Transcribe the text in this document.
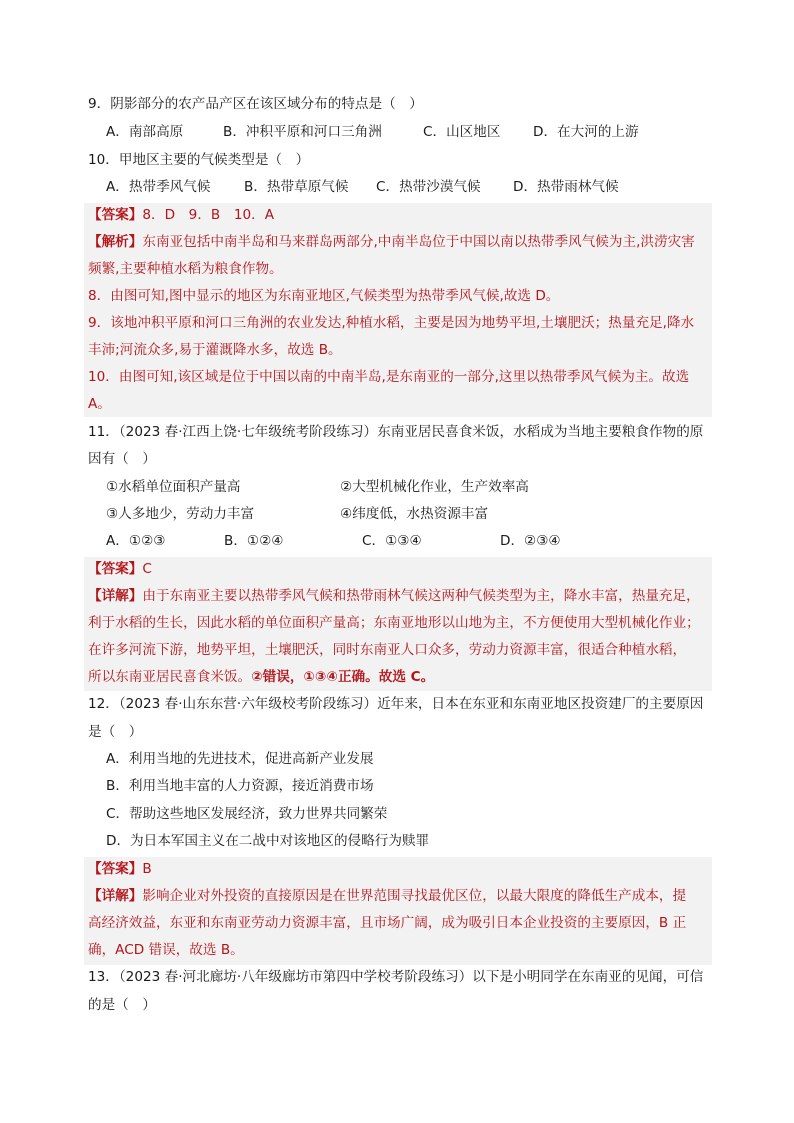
9．阴影部分的农产品产区在该区域分布的特点是（　）
A．南部高原	B．冲积平原和河口三角洲	C．山区地区 D．在大河的上游
10．甲地区主要的气候类型是（　）
A．热带季风气候 B．热带草原气候 C．热带沙漠气候 D．热带雨林气候
【答案】8．D　9．B　10．A
【解析】东南亚包括中南半岛和马来群岛两部分,中南半岛位于中国以南以热带季风气候为主,洪涝灾害
频繁,主要种植水稻为粮食作物。
8．由图可知,图中显示的地区为东南亚地区,气候类型为热带季风气候,故选 D。
9．该地冲积平原和河口三角洲的农业发达,种植水稻，主要是因为地势平坦,土壤肥沃；热量充足,降水
丰沛;河流众多,易于灌溉降水多，故选 B。
10．由图可知,该区域是位于中国以南的中南半岛,是东南亚的一部分,这里以热带季风气候为主。故选
A。
11．（2023 春·江西上饶·七年级统考阶段练习）东南亚居民喜食米饭，水稻成为当地主要粮食作物的原
因有（　）
①水稻单位面积产量高	②大型机械化作业，生产效率高
③人多地少，劳动力丰富	④纬度低，水热资源丰富
A．①②③	B．①②④	C．①③④	D．②③④
【答案】C
【详解】由于东南亚主要以热带季风气候和热带雨林气候这两种气候类型为主，降水丰富，热量充足，
利于水稻的生长，因此水稻的单位面积产量高；东南亚地形以山地为主，不方便使用大型机械化作业；
在许多河流下游，地势平坦，土壤肥沃，同时东南亚人口众多，劳动力资源丰富，很适合种植水稻，
所以东南亚居民喜食米饭。②错误，①③④正确。故选 C。
12．（2023 春·山东东营·六年级校考阶段练习）近年来，日本在东亚和东南亚地区投资建厂的主要原因
是（　）
A．利用当地的先进技术，促进高新产业发展
B．利用当地丰富的人力资源，接近消费市场
C．帮助这些地区发展经济，致力世界共同繁荣
D．为日本军国主义在二战中对该地区的侵略行为赎罪
【答案】B
【详解】影响企业对外投资的直接原因是在世界范围寻找最优区位，以最大限度的降低生产成本，提
高经济效益，东亚和东南亚劳动力资源丰富，且市场广阔，成为吸引日本企业投资的主要原因，B 正
确，ACD 错误，故选 B。
13．（2023 春·河北廊坊·八年级廊坊市第四中学校考阶段练习）以下是小明同学在东南亚的见闻，可信
的是（　）
